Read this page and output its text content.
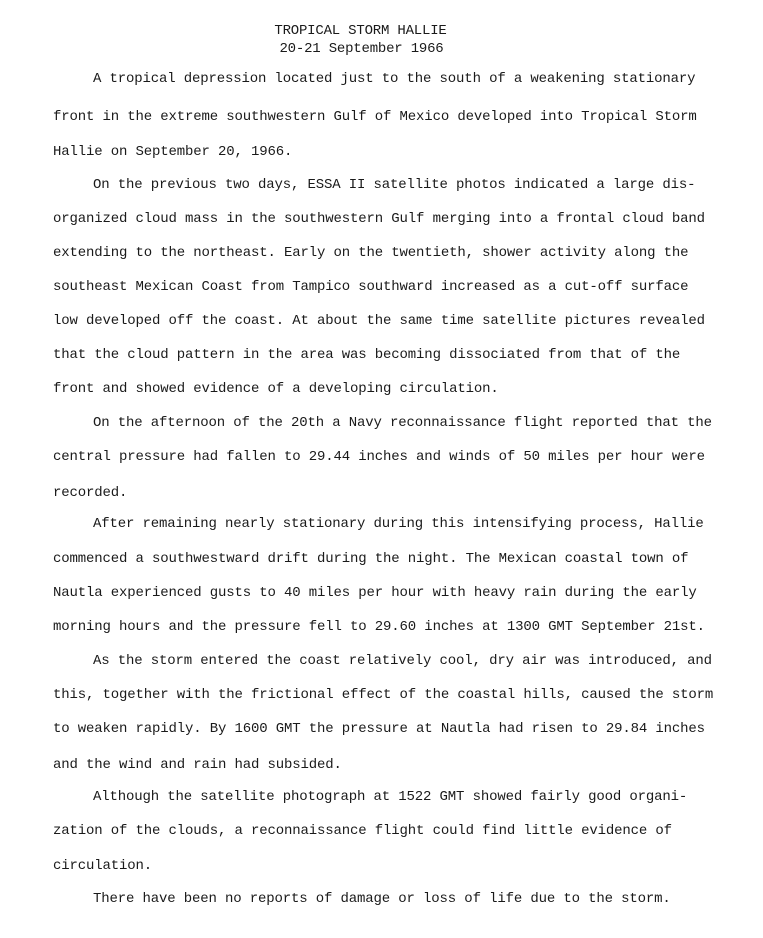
TROPICAL STORM HALLIE
20-21 September 1966
A tropical depression located just to the south of a weakening stationary
front in the extreme southwestern Gulf of Mexico developed into Tropical Storm
Hallie on September 20, 1966.
On the previous two days, ESSA II satellite photos indicated a large dis-
organized cloud mass in the southwestern Gulf merging into a frontal cloud band
extending to the northeast. Early on the twentieth, shower activity along the
southeast Mexican Coast from Tampico southward increased as a cut-off surface
low developed off the coast. At about the same time satellite pictures revealed
that the cloud pattern in the area was becoming dissociated from that of the
front and showed evidence of a developing circulation.
On the afternoon of the 20th a Navy reconnaissance flight reported that the
central pressure had fallen to 29.44 inches and winds of 50 miles per hour were
recorded.
After remaining nearly stationary during this intensifying process, Hallie
commenced a southwestward drift during the night. The Mexican coastal town of
Nautla experienced gusts to 40 miles per hour with heavy rain during the early
morning hours and the pressure fell to 29.60 inches at 1300 GMT September 21st.
As the storm entered the coast relatively cool, dry air was introduced, and
this, together with the frictional effect of the coastal hills, caused the storm
to weaken rapidly. By 1600 GMT the pressure at Nautla had risen to 29.84 inches
and the wind and rain had subsided.
Although the satellite photograph at 1522 GMT showed fairly good organi-
zation of the clouds, a reconnaissance flight could find little evidence of
circulation.
There have been no reports of damage or loss of life due to the storm.
